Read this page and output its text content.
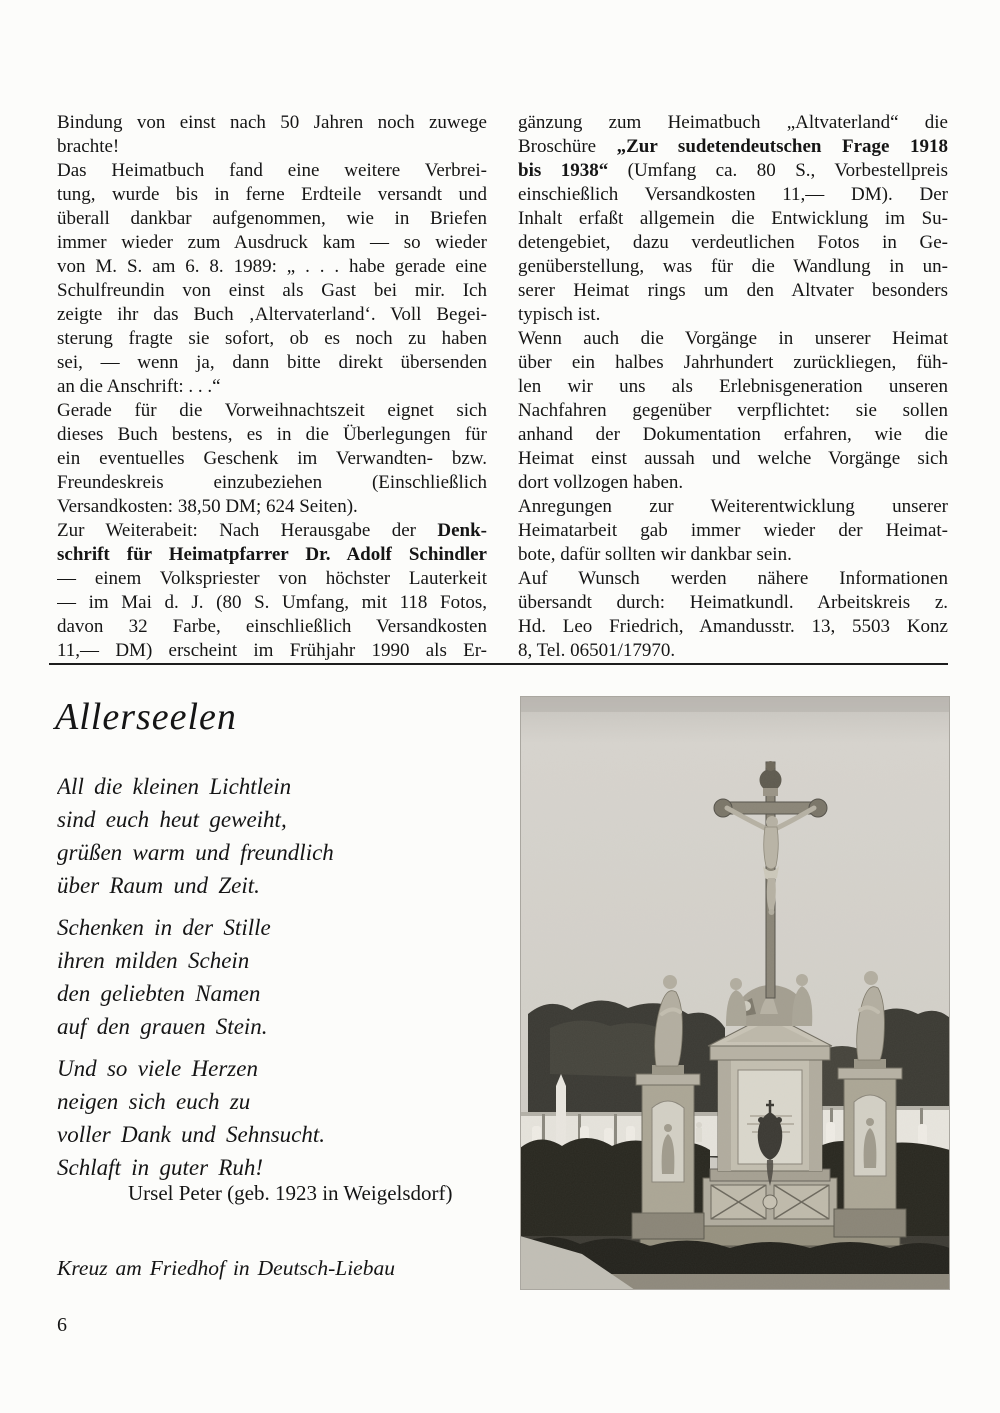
Bindung von einst nach 50 Jahren noch zuwege
brachte!
Das Heimatbuch fand eine weitere Verbrei-
tung, wurde bis in ferne Erdteile versandt und
überall dankbar aufgenommen, wie in Briefen
immer wieder zum Ausdruck kam — so wieder
von M. S. am 6. 8. 1989: „ . . . habe gerade eine
Schulfreundin von einst als Gast bei mir. Ich
zeigte ihr das Buch ‚Altervaterland‘. Voll Begei-
sterung fragte sie sofort, ob es noch zu haben
sei, — wenn ja, dann bitte direkt übersenden
an die Anschrift: . . .“
Gerade für die Vorweihnachtszeit eignet sich
dieses Buch bestens, es in die Überlegungen für
ein eventuelles Geschenk im Verwandten- bzw.
Freundeskreis einzubeziehen (Einschließlich
Versandkosten: 38,50 DM; 624 Seiten).
Zur Weiterabeit: Nach Herausgabe der Denk-
schrift für Heimatpfarrer Dr. Adolf Schindler
— einem Volkspriester von höchster Lauterkeit
— im Mai d. J. (80 S. Umfang, mit 118 Fotos,
davon 32 Farbe, einschließlich Versandkosten
11,— DM) erscheint im Frühjahr 1990 als Er-
gänzung zum Heimatbuch „Altvaterland“ die
Broschüre „Zur sudetendeutschen Frage 1918
bis 1938“ (Umfang ca. 80 S., Vorbestellpreis
einschießlich Versandkosten 11,— DM). Der
Inhalt erfaßt allgemein die Entwicklung im Su-
detengebiet, dazu verdeutlichen Fotos in Ge-
genüberstellung, was für die Wandlung in un-
serer Heimat rings um den Altvater besonders
typisch ist.
Wenn auch die Vorgänge in unserer Heimat
über ein halbes Jahrhundert zurückliegen, füh-
len wir uns als Erlebnisgeneration unseren
Nachfahren gegenüber verpflichtet: sie sollen
anhand der Dokumentation erfahren, wie die
Heimat einst aussah und welche Vorgänge sich
dort vollzogen haben.
Anregungen zur Weiterentwicklung unserer
Heimatarbeit gab immer wieder der Heimat-
bote, dafür sollten wir dankbar sein.
Auf Wunsch werden nähere Informationen
übersandt durch: Heimatkundl. Arbeitskreis z.
Hd. Leo Friedrich, Amandusstr. 13, 5503 Konz
8, Tel. 06501/17970.
Allerseelen
All die kleinen Lichtlein
sind euch heut geweiht,
grüßen warm und freundlich
über Raum und Zeit.
Schenken in der Stille
ihren milden Schein
den geliebten Namen
auf den grauen Stein.
Und so viele Herzen
neigen sich euch zu
voller Dank und Sehnsucht.
Schlaft in guter Ruh!
Ursel Peter (geb. 1923 in Weigelsdorf)
Kreuz am Friedhof in Deutsch-Liebau
6
